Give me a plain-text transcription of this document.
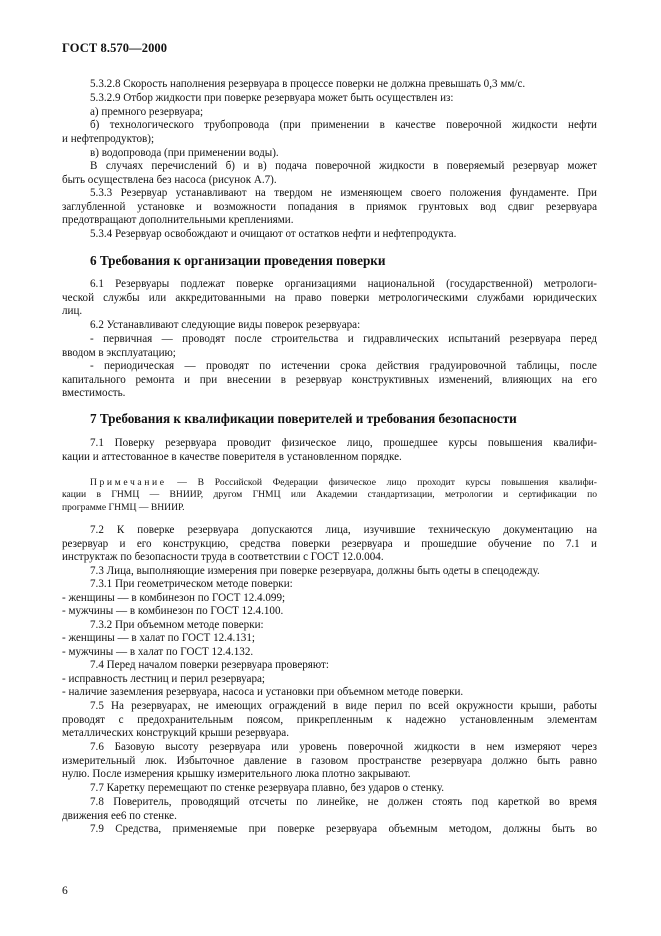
ГОСТ 8.570—2000
5.3.2.8 Скорость наполнения резервуара в процессе поверки не должна превышать 0,3 мм/с.
5.3.2.9 Отбор жидкости при поверке резервуара может быть осуществлен из:
а) премного резервуара;

б) технологического трубопровода (при применении в качестве поверочной жидкости нефти
и нефтепродуктов);

в) водопровода (при применении воды).

В случаях перечислений б) и в) подача поверочной жидкости в поверяемый резервуар может
быть осуществлена без насоса (рисунок А.7).

5.3.3 Резервуар устанавливают на твердом не изменяющем своего положения фундаменте. При
заглубленной установке и возможности попадания в приямок грунтовых вод сдвиг резервуара
предотвращают дополнительными креплениями.

5.3.4 Резервуар освобождают и очищают от остатков нефти и нефтепродукта.
6 Требования к организации проведения поверки

6.1 Резервуары подлежат поверке организациями национальной (государственной) метрологи-
ческой службы или аккредитованными на право поверки метрологическими службами юридических
лиц.

6.2 Устанавливают следующие виды поверок резервуара:

- первичная — проводят после строительства и гидравлических испытаний резервуара перед
вводом в эксплуатацию;

- периодическая — проводят по истечении срока действия градуировочной таблицы, после
капитального ремонта и при внесении в резервуар конструктивных изменений, влияющих на его
вместимость.

7 Требования к квалификации поверителей и требования безопасности

7.1 Поверку резервуара проводит физическое лицо, прошедшее курсы повышения квалифи-
кации и аттестованное в качестве поверителя в установленном порядке.

Примечание — В Российской Федерации физическое лицо проходит курсы повышения квалифи-
кации в ГНМЦ — ВНИИР, другом ГНМЦ или Академии стандартизации, метрологии и сертификации по
программе ГНМЦ — ВНИИР.

7.2 К поверке резервуара допускаются лица, изучившие техническую документацию на
резервуар и его конструкцию, средства поверки резервуара и прошедшие обучение по 7.1 и
инструктаж по безопасности труда в соответствии с ГОСТ 12.0.004.

7.3 Лица, выполняющие измерения при поверке резервуара, должны быть одеты в спецодежду.
7.3.1 При геометрическом методе поверки:
- женщины — в комбинезон по ГОСТ 12.4.099;
- мужчины — в комбинезон по ГОСТ 12.4.100.
7.3.2 При объемном методе поверки:
- женщины — в халат по ГОСТ 12.4.131;
- мужчины — в халат по ГОСТ 12.4.132.
7.4 Перед началом поверки резервуара проверяют:
- исправность лестниц и перил резервуара;
- наличие заземления резервуара, насоса и установки при объемном методе поверки.

7.5 На резервуарах, не имеющих ограждений в виде перил по всей окружности крыши, работы
проводят с предохранительным поясом, прикрепленным к надежно установленным элементам
металлических конструкций крыши резервуара.

7.6 Базовую высоту резервуара или уровень поверочной жидкости в нем измеряют через
измерительный люк. Избыточное давление в газовом пространстве резервуара должно быть равно
нулю. После измерения крышку измерительного люка плотно закрывают.

7.7 Каретку перемещают по стенке резервуара плавно, без ударов о стенку.

7.8 Поверитель, проводящий отсчеты по линейке, не должен стоять под кареткой во время
движения ее6 по стенке.

7.9 Средства, применяемые при поверке резервуара объемным методом, должны быть во

6
